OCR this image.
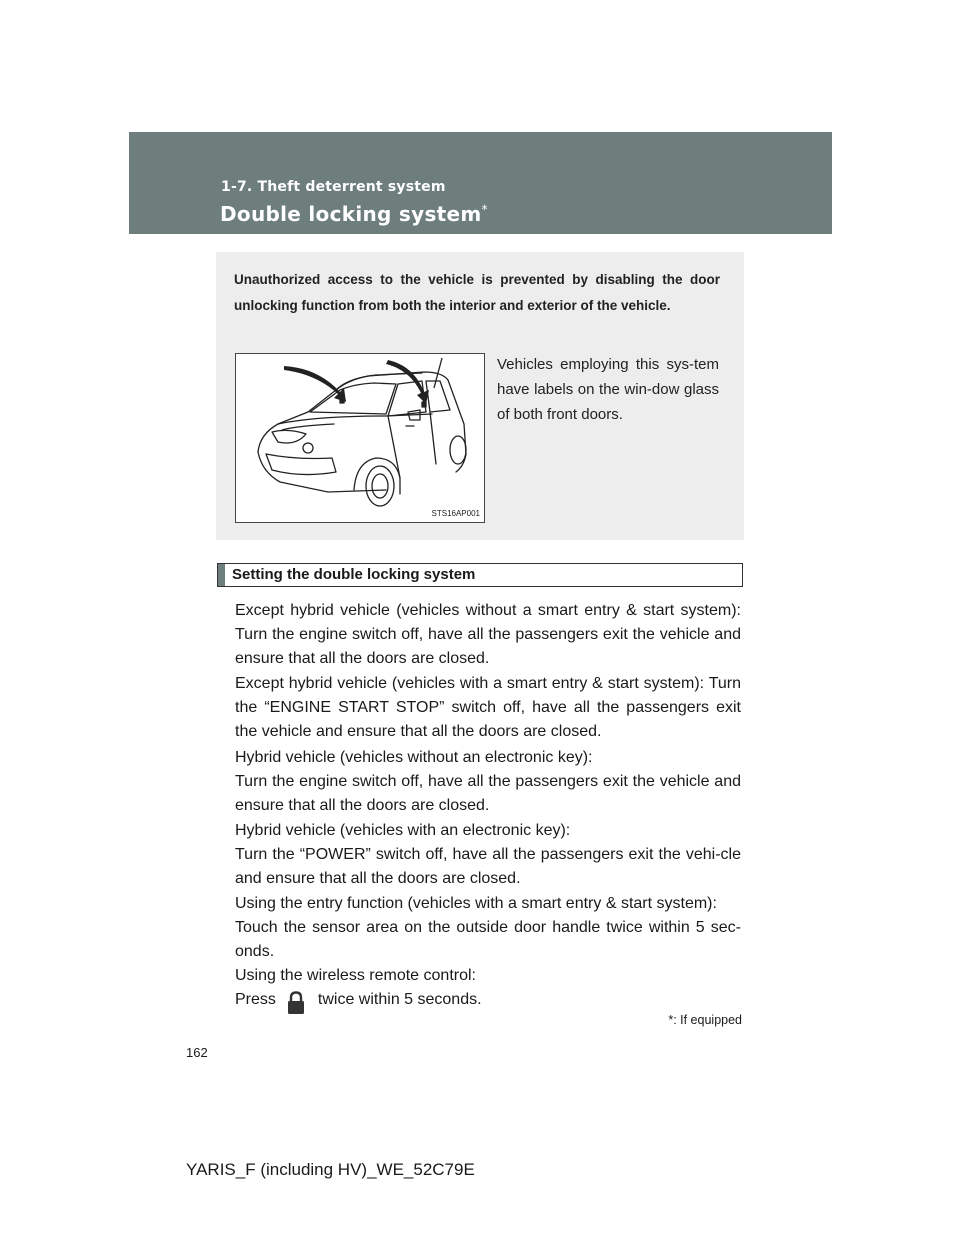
1-7. Theft deterrent system
Double locking system*
Unauthorized access to the vehicle is prevented by disabling the door unlocking function from both the interior and exterior of the vehicle.
STS16AP001
Vehicles employing this sys-tem have labels on the win-dow glass of both front doors.
Setting the double locking system
Except hybrid vehicle (vehicles without a smart entry & start system): Turn the engine switch off, have all the passengers exit the vehicle and ensure that all the doors are closed.
Except hybrid vehicle (vehicles with a smart entry & start system): Turn the “ENGINE START STOP” switch off, have all the passengers exit the vehicle and ensure that all the doors are closed.
Hybrid vehicle (vehicles without an electronic key):
Turn the engine switch off, have all the passengers exit the vehicle and ensure that all the doors are closed.
Hybrid vehicle (vehicles with an electronic key):
Turn the “POWER” switch off, have all the passengers exit the vehi-cle and ensure that all the doors are closed.
Using the entry function (vehicles with a smart entry & start system):
Touch the sensor area on the outside door handle twice within 5 sec-onds.
Using the wireless remote control:
Press	twice within 5 seconds.
*: If equipped
162
YARIS_F (including HV)_WE_52C79E
